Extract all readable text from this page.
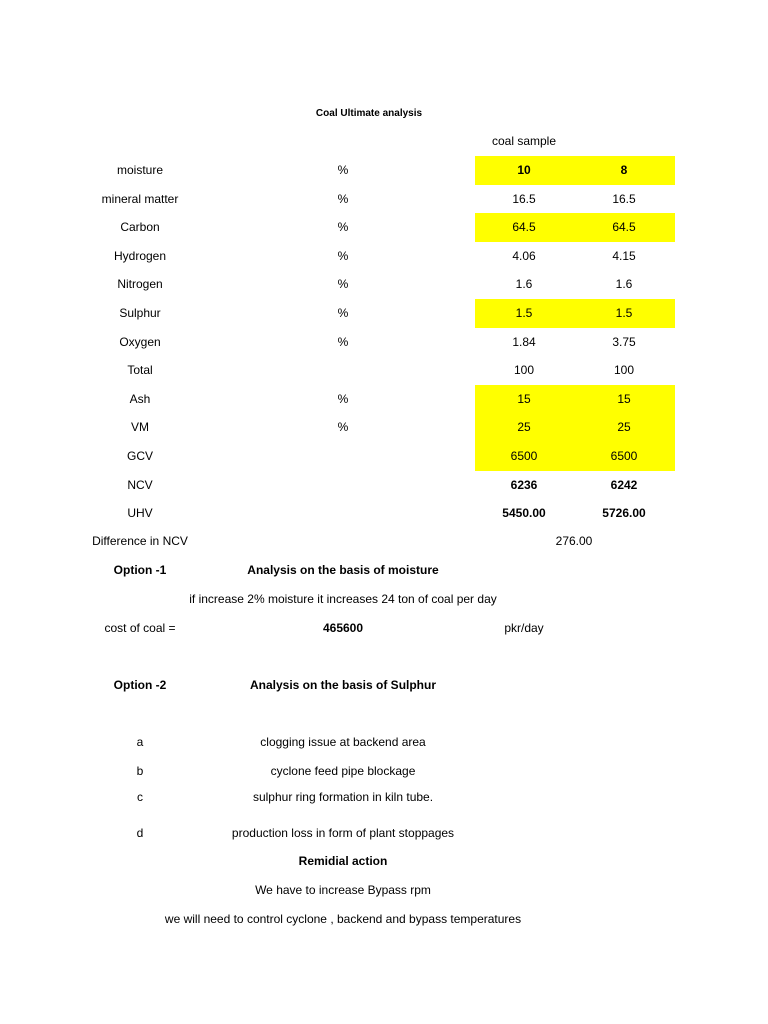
Coal Ultimate analysis
coal sample
moisture	%	10	8
mineral matter	%	16.5	16.5
Carbon	%	64.5	64.5
Hydrogen	%	4.06	4.15
Nitrogen	%	1.6	1.6
Sulphur	%	1.5	1.5
Oxygen	%	1.84	3.75
Total	100	100
Ash	%	15	15
VM	%	25	25
GCV	6500	6500
NCV	6236	6242
UHV	5450.00	5726.00
Difference in NCV	276.00
Option -1	Analysis on the basis of moisture
if increase 2% moisture it increases 24 ton of coal per day
cost of coal =	465600	pkr/day
Option -2	Analysis on the basis of Sulphur
a	clogging issue at backend area
b	cyclone feed pipe blockage
c	sulphur ring formation in kiln tube.
d	production loss in form of plant stoppages
Remidial action
We have to increase Bypass rpm
we will need to control cyclone , backend and bypass temperatures
